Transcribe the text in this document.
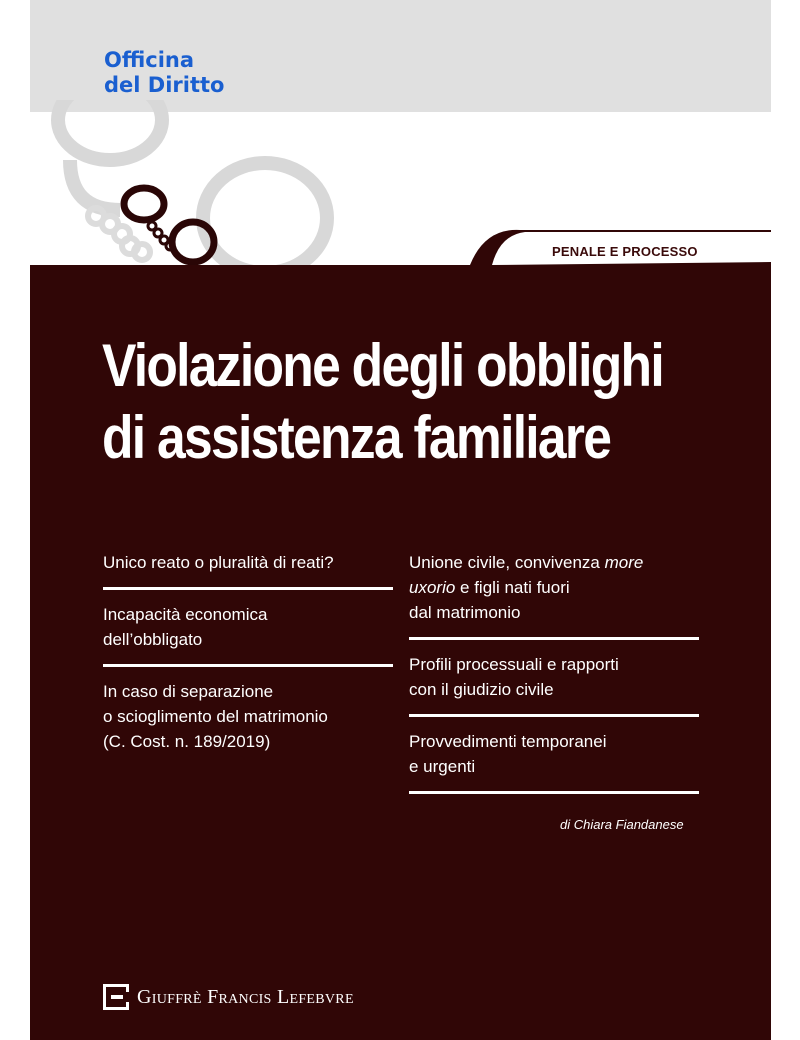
Officina
del Diritto
PENALE E PROCESSO
Violazione degli obblighi
di assistenza familiare
Unico reato o pluralità di reati?
Incapacità economica
dell’obbligato
In caso di separazione
o scioglimento del matrimonio
(C. Cost. n. 189/2019)
Unione civile, convivenza more
uxorio e figli nati fuori
dal matrimonio
Profili processuali e rapporti
con il giudizio civile
Provvedimenti temporanei
e urgenti
di Chiara Fiandanese
Giuffrè Francis Lefebvre
